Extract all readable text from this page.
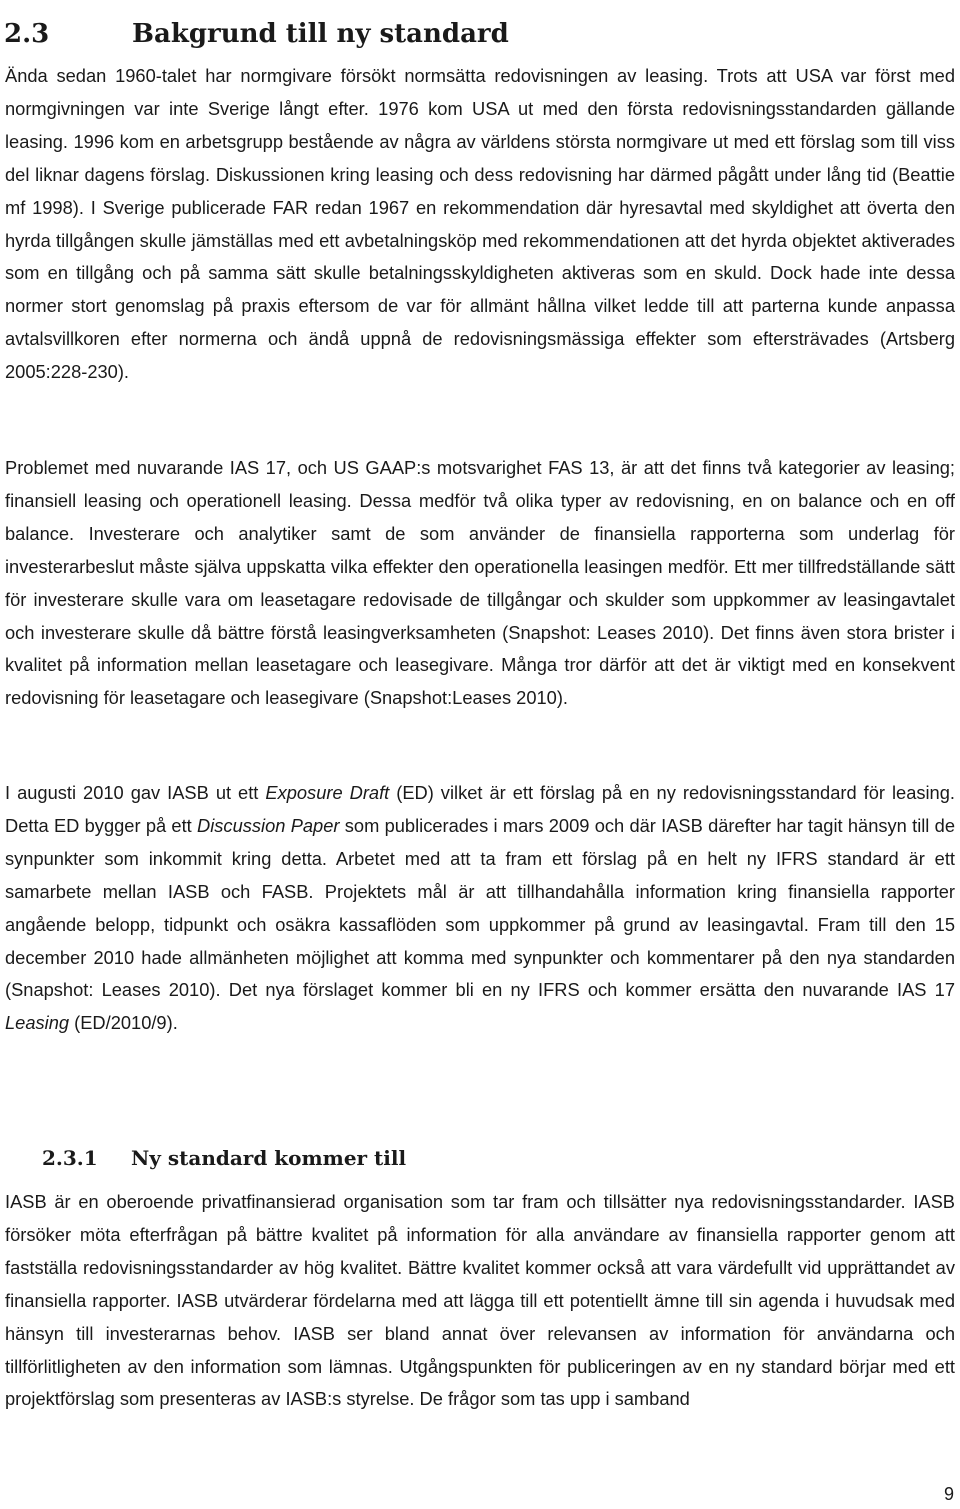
2.3	Bakgrund till ny standard

Ända sedan 1960-talet har normgivare försökt normsätta redovisningen av leasing. Trots att USA var först med normgivningen var inte Sverige långt efter. 1976 kom USA ut med den första redovisningsstandarden gällande leasing. 1996 kom en arbetsgrupp bestående av några av världens största normgivare ut med ett förslag som till viss del liknar dagens förslag. Diskussionen kring leasing och dess redovisning har därmed pågått under lång tid (Beattie mf 1998). I Sverige publicerade FAR redan 1967 en rekommendation där hyresavtal med skyldighet att överta den hyrda tillgången skulle jämställas med ett avbetalningsköp med rekommendationen att det hyrda objektet aktiverades som en tillgång och på samma sätt skulle betalningsskyldigheten aktiveras som en skuld. Dock hade inte dessa normer stort genomslag på praxis eftersom de var för allmänt hållna vilket ledde till att parterna kunde anpassa avtalsvillkoren efter normerna och ändå uppnå de redovisningsmässiga effekter som eftersträvades (Artsberg 2005:228-230).

Problemet med nuvarande IAS 17, och US GAAP:s motsvarighet FAS 13, är att det finns två kategorier av leasing; finansiell leasing och operationell leasing. Dessa medför två olika typer av redovisning, en on balance och en off balance. Investerare och analytiker samt de som använder de finansiella rapporterna som underlag för investerarbeslut måste själva uppskatta vilka effekter den operationella leasingen medför. Ett mer tillfredställande sätt för investerare skulle vara om leasetagare redovisade de tillgångar och skulder som uppkommer av leasingavtalet och investerare skulle då bättre förstå leasingverksamheten (Snapshot: Leases 2010). Det finns även stora brister i kvalitet på information mellan leasetagare och leasegivare. Många tror därför att det är viktigt med en konsekvent redovisning för leasetagare och leasegivare (Snapshot:Leases 2010).

I augusti 2010 gav IASB ut ett Exposure Draft (ED) vilket är ett förslag på en ny redovisningsstandard för leasing. Detta ED bygger på ett Discussion Paper som publicerades i mars 2009 och där IASB därefter har tagit hänsyn till de synpunkter som inkommit kring detta. Arbetet med att ta fram ett förslag på en helt ny IFRS standard är ett samarbete mellan IASB och FASB. Projektets mål är att tillhandahålla information kring finansiella rapporter angående belopp, tidpunkt och osäkra kassaflöden som uppkommer på grund av leasingavtal. Fram till den 15 december 2010 hade allmänheten möjlighet att komma med synpunkter och kommentarer på den nya standarden (Snapshot: Leases 2010). Det nya förslaget kommer bli en ny IFRS och kommer ersätta den nuvarande IAS 17 Leasing (ED/2010/9).

2.3.1 Ny standard kommer till

IASB är en oberoende privatfinansierad organisation som tar fram och tillsätter nya redovisningsstandarder. IASB försöker möta efterfrågan på bättre kvalitet på information för alla användare av finansiella rapporter genom att fastställa redovisningsstandarder av hög kvalitet. Bättre kvalitet kommer också att vara värdefullt vid upprättandet av finansiella rapporter. IASB utvärderar fördelarna med att lägga till ett potentiellt ämne till sin agenda i huvudsak med hänsyn till investerarnas behov. IASB ser bland annat över relevansen av information för användarna och tillförlitligheten av den information som lämnas. Utgångspunkten för publiceringen av en ny standard börjar med ett projektförslag som presenteras av IASB:s styrelse. De frågor som tas upp i samband

9
